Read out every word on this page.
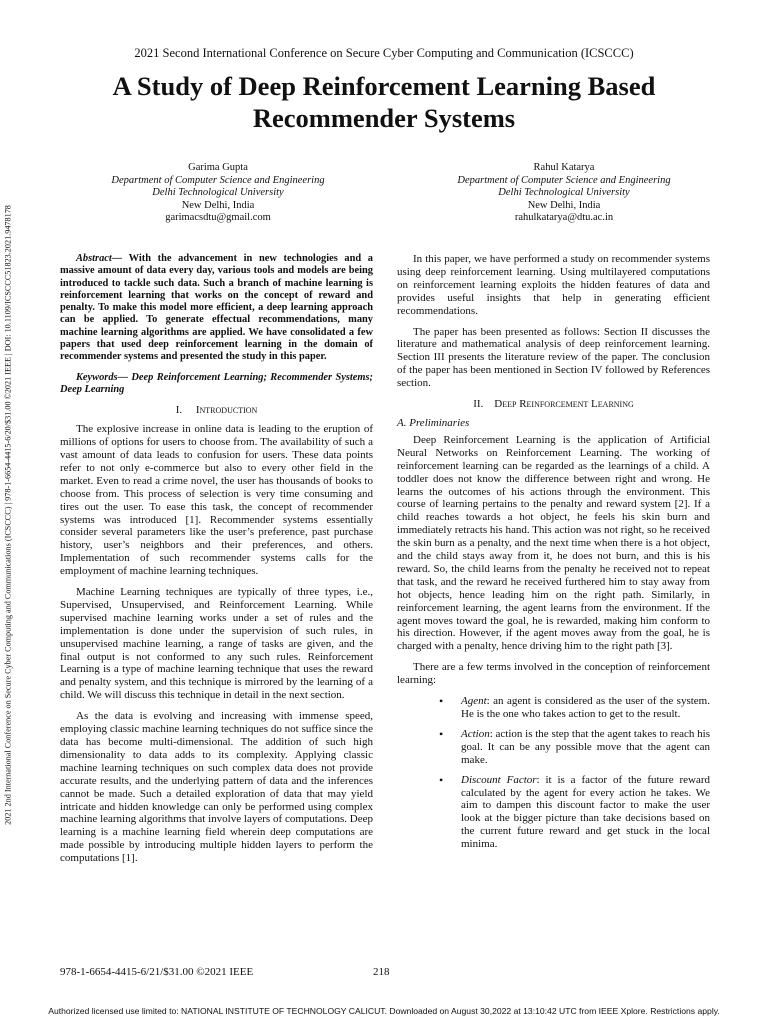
2021 Second International Conference on Secure Cyber Computing and Communication (ICSCCC)
A Study of Deep Reinforcement Learning Based
Recommender Systems
Garima Gupta
Department of Computer Science and Engineering
Delhi Technological University
New Delhi, India
garimacsdtu@gmail.com
Rahul Katarya
Department of Computer Science and Engineering
Delhi Technological University
New Delhi, India
rahulkatarya@dtu.ac.in
2021 2nd International Conference on Secure Cyber Computing and Communications (ICSCCC) | 978-1-6654-4415-6/20/$31.00 ©2021 IEEE | DOI: 10.1109/ICSCCC51823.2021.9478178	Abstract— With the advancement in new technologies and a massive amount of data every day, various tools and models are being introduced to tackle such data. Such a branch of machine learning is reinforcement learning that works on the concept of reward and penalty. To make this model more efficient, a deep learning approach can be applied. To generate effectual recommendations, many machine learning algorithms are applied. We have consolidated a few papers that used deep reinforcement learning in the domain of recommender systems and presented the study in this paper.

Keywords— Deep Reinforcement Learning; Recommender Systems; Deep Learning

I. Introduction

The explosive increase in online data is leading to the eruption of millions of options for users to choose from. The availability of such a vast amount of data leads to confusion for users. These data points refer to not only e-commerce but also to every other field in the market. Even to read a crime novel, the user has thousands of books to choose from. This process of selection is very time consuming and tires out the user. To ease this task, the concept of recommender systems was introduced [1]. Recommender systems essentially consider several parameters like the user’s preference, past purchase history, user’s neighbors and their preferences, and others. Implementation of such recommender systems calls for the employment of machine learning techniques.

Machine Learning techniques are typically of three types, i.e., Supervised, Unsupervised, and Reinforcement Learning. While supervised machine learning works under a set of rules and the implementation is done under the supervision of such rules, in unsupervised machine learning, a range of tasks are given, and the final output is not conformed to any such rules. Reinforcement Learning is a type of machine learning technique that uses the reward and penalty system, and this technique is mirrored by the learning of a child. We will discuss this technique in detail in the next section.

As the data is evolving and increasing with immense speed, employing classic machine learning techniques do not suffice since the data has become multi-dimensional. The addition of such high dimensionality to data adds to its complexity. Applying classic machine learning techniques on such complex data does not provide accurate results, and the underlying pattern of data and the inferences cannot be made. Such a detailed exploration of data that may yield intricate and hidden knowledge can only be performed using complex machine learning algorithms that involve layers of computations. Deep learning is a machine learning field wherein deep computations are made possible by introducing multiple hidden layers to perform the computations [1].

In this paper, we have performed a study on recommender systems using deep reinforcement learning. Using multilayered computations on reinforcement learning exploits the hidden features of data and provides useful insights that help in generating efficient recommendations.

The paper has been presented as follows: Section II discusses the literature and mathematical analysis of deep reinforcement learning. Section III presents the literature review of the paper. The conclusion of the paper has been mentioned in Section IV followed by References section.

II. Deep Reinforcement Learning

A. Preliminaries

Deep Reinforcement Learning is the application of Artificial Neural Networks on Reinforcement Learning. The working of reinforcement learning can be regarded as the learnings of a child. A toddler does not know the difference between right and wrong. He learns the outcomes of his actions through the environment. This course of learning pertains to the penalty and reward system [2]. If a child reaches towards a hot object, he feels his skin burn and immediately retracts his hand. This action was not right, so he received the skin burn as a penalty, and the next time when there is a hot object, and the child stays away from it, he does not burn, and this is his reward. So, the child learns from the penalty he received not to repeat that task, and the reward he received furthered him to stay away from hot objects, hence leading him on the right path. Similarly, in reinforcement learning, the agent learns from the environment. If the agent moves toward the goal, he is rewarded, making him conform to his direction. However, if the agent moves away from the goal, he is charged with a penalty, hence driving him to the right path [3].

There are a few terms involved in the conception of reinforcement learning:

• Agent: an agent is considered as the user of the system. He is the one who takes action to get to the result.
• Action: action is the step that the agent takes to reach his goal. It can be any possible move that the agent can make.
• Discount Factor: it is a factor of the future reward calculated by the agent for every action he takes. We aim to dampen this discount factor to make the user look at the bigger picture than take decisions based on the current future reward and get stuck in the local minima.
978-1-6654-4415-6/21/$31.00 ©2021 IEEE	218
Authorized licensed use limited to: NATIONAL INSTITUTE OF TECHNOLOGY CALICUT. Downloaded on August 30,2022 at 13:10:42 UTC from IEEE Xplore. Restrictions apply.
